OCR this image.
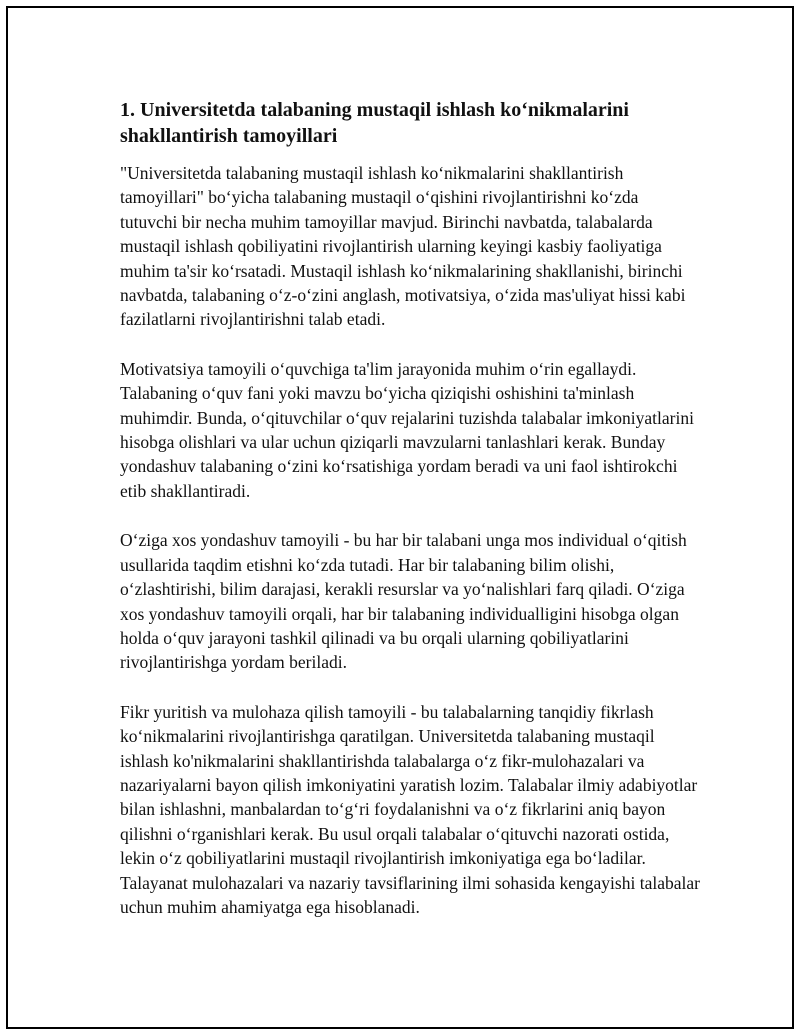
1. Universitetda talabaning mustaqil ishlash koʻnikmalarini shakllantirish tamoyillari

"Universitetda talabaning mustaqil ishlash koʻnikmalarini shakllantirish tamoyillari" boʻyicha talabaning mustaqil oʻqishini rivojlantirishni koʻzda tutuvchi bir necha muhim tamoyillar mavjud. Birinchi navbatda, talabalarda mustaqil ishlash qobiliyatini rivojlantirish ularning keyingi kasbiy faoliyatiga muhim ta'sir koʻrsatadi. Mustaqil ishlash koʻnikmalarining shakllanishi, birinchi navbatda, talabaning oʻz-oʻzini anglash, motivatsiya, oʻzida mas'uliyat hissi kabi fazilatlarni rivojlantirishni talab etadi.

Motivatsiya tamoyili oʻquvchiga ta'lim jarayonida muhim oʻrin egallaydi. Talabaning oʻquv fani yoki mavzu boʻyicha qiziqishi oshishini ta'minlash muhimdir. Bunda, oʻqituvchilar oʻquv rejalarini tuzishda talabalar imkoniyatlarini hisobga olishlari va ular uchun qiziqarli mavzularni tanlashlari kerak. Bunday yondashuv talabaning oʻzini koʻrsatishiga yordam beradi va uni faol ishtirokchi etib shakllantiradi.

Oʻziga xos yondashuv tamoyili - bu har bir talabani unga mos individual oʻqitish usullarida taqdim etishni koʻzda tutadi. Har bir talabaning bilim olishi, oʻzlashtirishi, bilim darajasi, kerakli resurslar va yoʻnalishlari farq qiladi. Oʻziga xos yondashuv tamoyili orqali, har bir talabaning individualligini hisobga olgan holda oʻquv jarayoni tashkil qilinadi va bu orqali ularning qobiliyatlarini rivojlantirishga yordam beriladi.

Fikr yuritish va mulohaza qilish tamoyili - bu talabalarning tanqidiy fikrlash koʻnikmalarini rivojlantirishga qaratilgan. Universitetda talabaning mustaqil ishlash ko'nikmalarini shakllantirishda talabalarga oʻz fikr-mulohazalari va nazariyalarni bayon qilish imkoniyatini yaratish lozim. Talabalar ilmiy adabiyotlar bilan ishlashni, manbalardan toʻgʻri foydalanishni va oʻz fikrlarini aniq bayon qilishni oʻrganishlari kerak. Bu usul orqali talabalar oʻqituvchi nazorati ostida, lekin oʻz qobiliyatlarini mustaqil rivojlantirish imkoniyatiga ega boʻladilar. Talayanat mulohazalari va nazariy tavsiflarining ilmi sohasida kengayishi talabalar uchun muhim ahamiyatga ega hisoblanadi.
